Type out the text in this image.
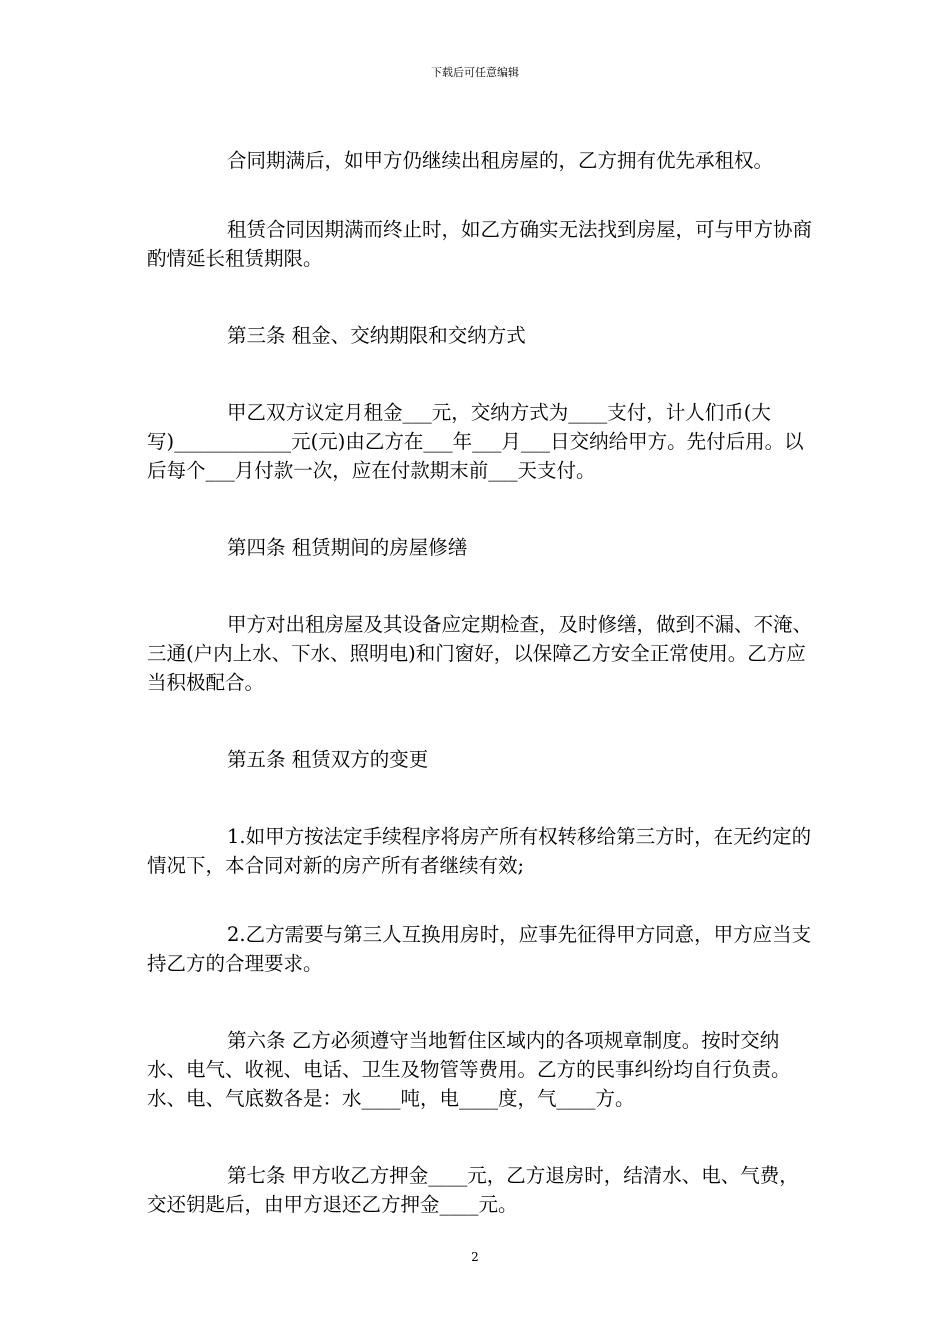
下载后可任意编辑

合同期满后，如甲方仍继续出租房屋的，乙方拥有优先承租权。

租赁合同因期满而终止时，如乙方确实无法找到房屋，可与甲方协商酌情延长租赁期限。

第三条 租金、交纳期限和交纳方式

甲乙双方议定月租金___元，交纳方式为____支付，计人们币(大写)____________元(元)由乙方在___年___月___日交纳给甲方。先付后用。以后每个___月付款一次，应在付款期末前___天支付。

第四条 租赁期间的房屋修缮

甲方对出租房屋及其设备应定期检查，及时修缮，做到不漏、不淹、三通(户内上水、下水、照明电)和门窗好，以保障乙方安全正常使用。乙方应当积极配合。

第五条 租赁双方的变更

1.如甲方按法定手续程序将房产所有权转移给第三方时，在无约定的情况下，本合同对新的房产所有者继续有效;

2.乙方需要与第三人互换用房时，应事先征得甲方同意，甲方应当支持乙方的合理要求。

第六条 乙方必须遵守当地暂住区域内的各项规章制度。按时交纳水、电气、收视、电话、卫生及物管等费用。乙方的民事纠纷均自行负责。水、电、气底数各是：水____吨，电____度，气____方。

第七条 甲方收乙方押金____元，乙方退房时，结清水、电、气费，交还钥匙后，由甲方退还乙方押金____元。

2
